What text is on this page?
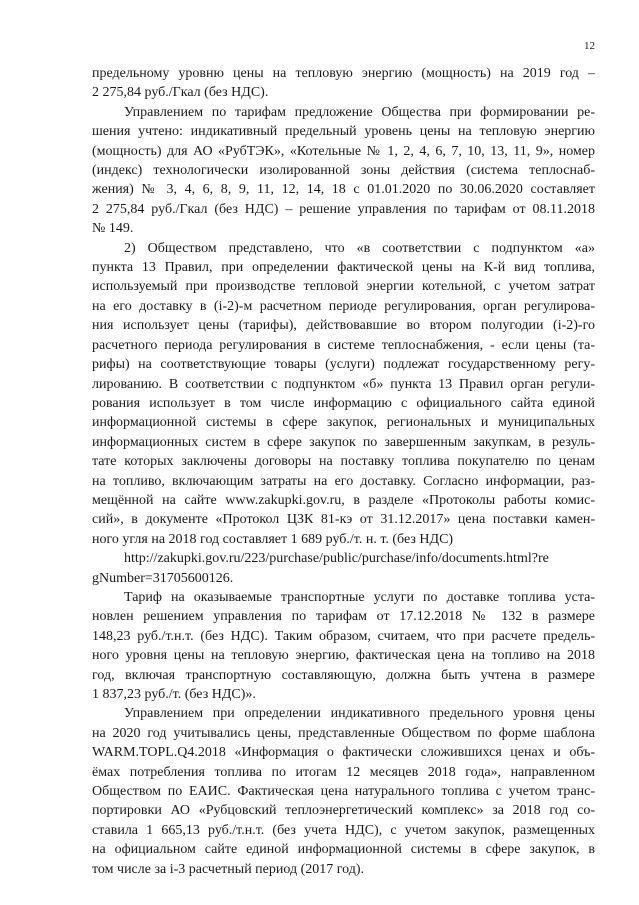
12
предельному уровню цены на тепловую энергию (мощность) на 2019 год –
2 275,84 руб./Гкал (без НДС).
Управлением по тарифам предложение Общества при формировании ре-
шения учтено: индикативный предельный уровень цены на тепловую энергию
(мощность) для АО «РубТЭК», «Котельные № 1, 2, 4, 6, 7, 10, 13, 11, 9», номер
(индекс) технологически изолированной зоны действия (система теплоснаб-
жения) № 3, 4, 6, 8, 9, 11, 12, 14, 18 с 01.01.2020 по 30.06.2020 составляет
2 275,84 руб./Гкал (без НДС) – решение управления по тарифам от 08.11.2018
№ 149.
2) Обществом представлено, что «в соответствии с подпунктом «а»
пункта 13 Правил, при определении фактической цены на К-й вид топлива,
используемый при производстве тепловой энергии котельной, с учетом затрат
на его доставку в (i-2)-м расчетном периоде регулирования, орган регулирова-
ния использует цены (тарифы), действовавшие во втором полугодии (i-2)-го
расчетного периода регулирования в системе теплоснабжения, - если цены (та-
рифы) на соответствующие товары (услуги) подлежат государственному регу-
лированию. В соответствии с подпунктом «б» пункта 13 Правил орган регули-
рования использует в том числе информацию с официального сайта единой
информационной системы в сфере закупок, региональных и муниципальных
информационных систем в сфере закупок по завершенным закупкам, в резуль-
тате которых заключены договоры на поставку топлива покупателю по ценам
на топливо, включающим затраты на его доставку. Согласно информации, раз-
мещённой на сайте www.zakupki.gov.ru, в разделе «Протоколы работы комис-
сий», в документе «Протокол ЦЗК 81-кэ от 31.12.2017» цена поставки камен-
ного угля на 2018 год составляет 1 689 руб./т. н. т. (без НДС)
http://zakupki.gov.ru/223/purchase/public/purchase/info/documents.html?re
gNumber=31705600126.
Тариф на оказываемые транспортные услуги по доставке топлива уста-
новлен решением управления по тарифам от 17.12.2018 № 132 в размере
148,23 руб./т.н.т. (без НДС). Таким образом, считаем, что при расчете предель-
ного уровня цены на тепловую энергию, фактическая цена на топливо на 2018
год, включая транспортную составляющую, должна быть учтена в размере
1 837,23 руб./т. (без НДС)».
Управлением при определении индикативного предельного уровня цены
на 2020 год учитывались цены, представленные Обществом по форме шаблона
WARM.TOPL.Q4.2018 «Информация о фактически сложившихся ценах и объ-
ёмах потребления топлива по итогам 12 месяцев 2018 года», направленном
Обществом по ЕАИС. Фактическая цена натурального топлива с учетом транс-
портировки АО «Рубцовский теплоэнергетический комплекс» за 2018 год со-
ставила 1 665,13 руб./т.н.т. (без учета НДС), с учетом закупок, размещенных
на официальном сайте единой информационной системы в сфере закупок, в
том числе за i-3 расчетный период (2017 год).
